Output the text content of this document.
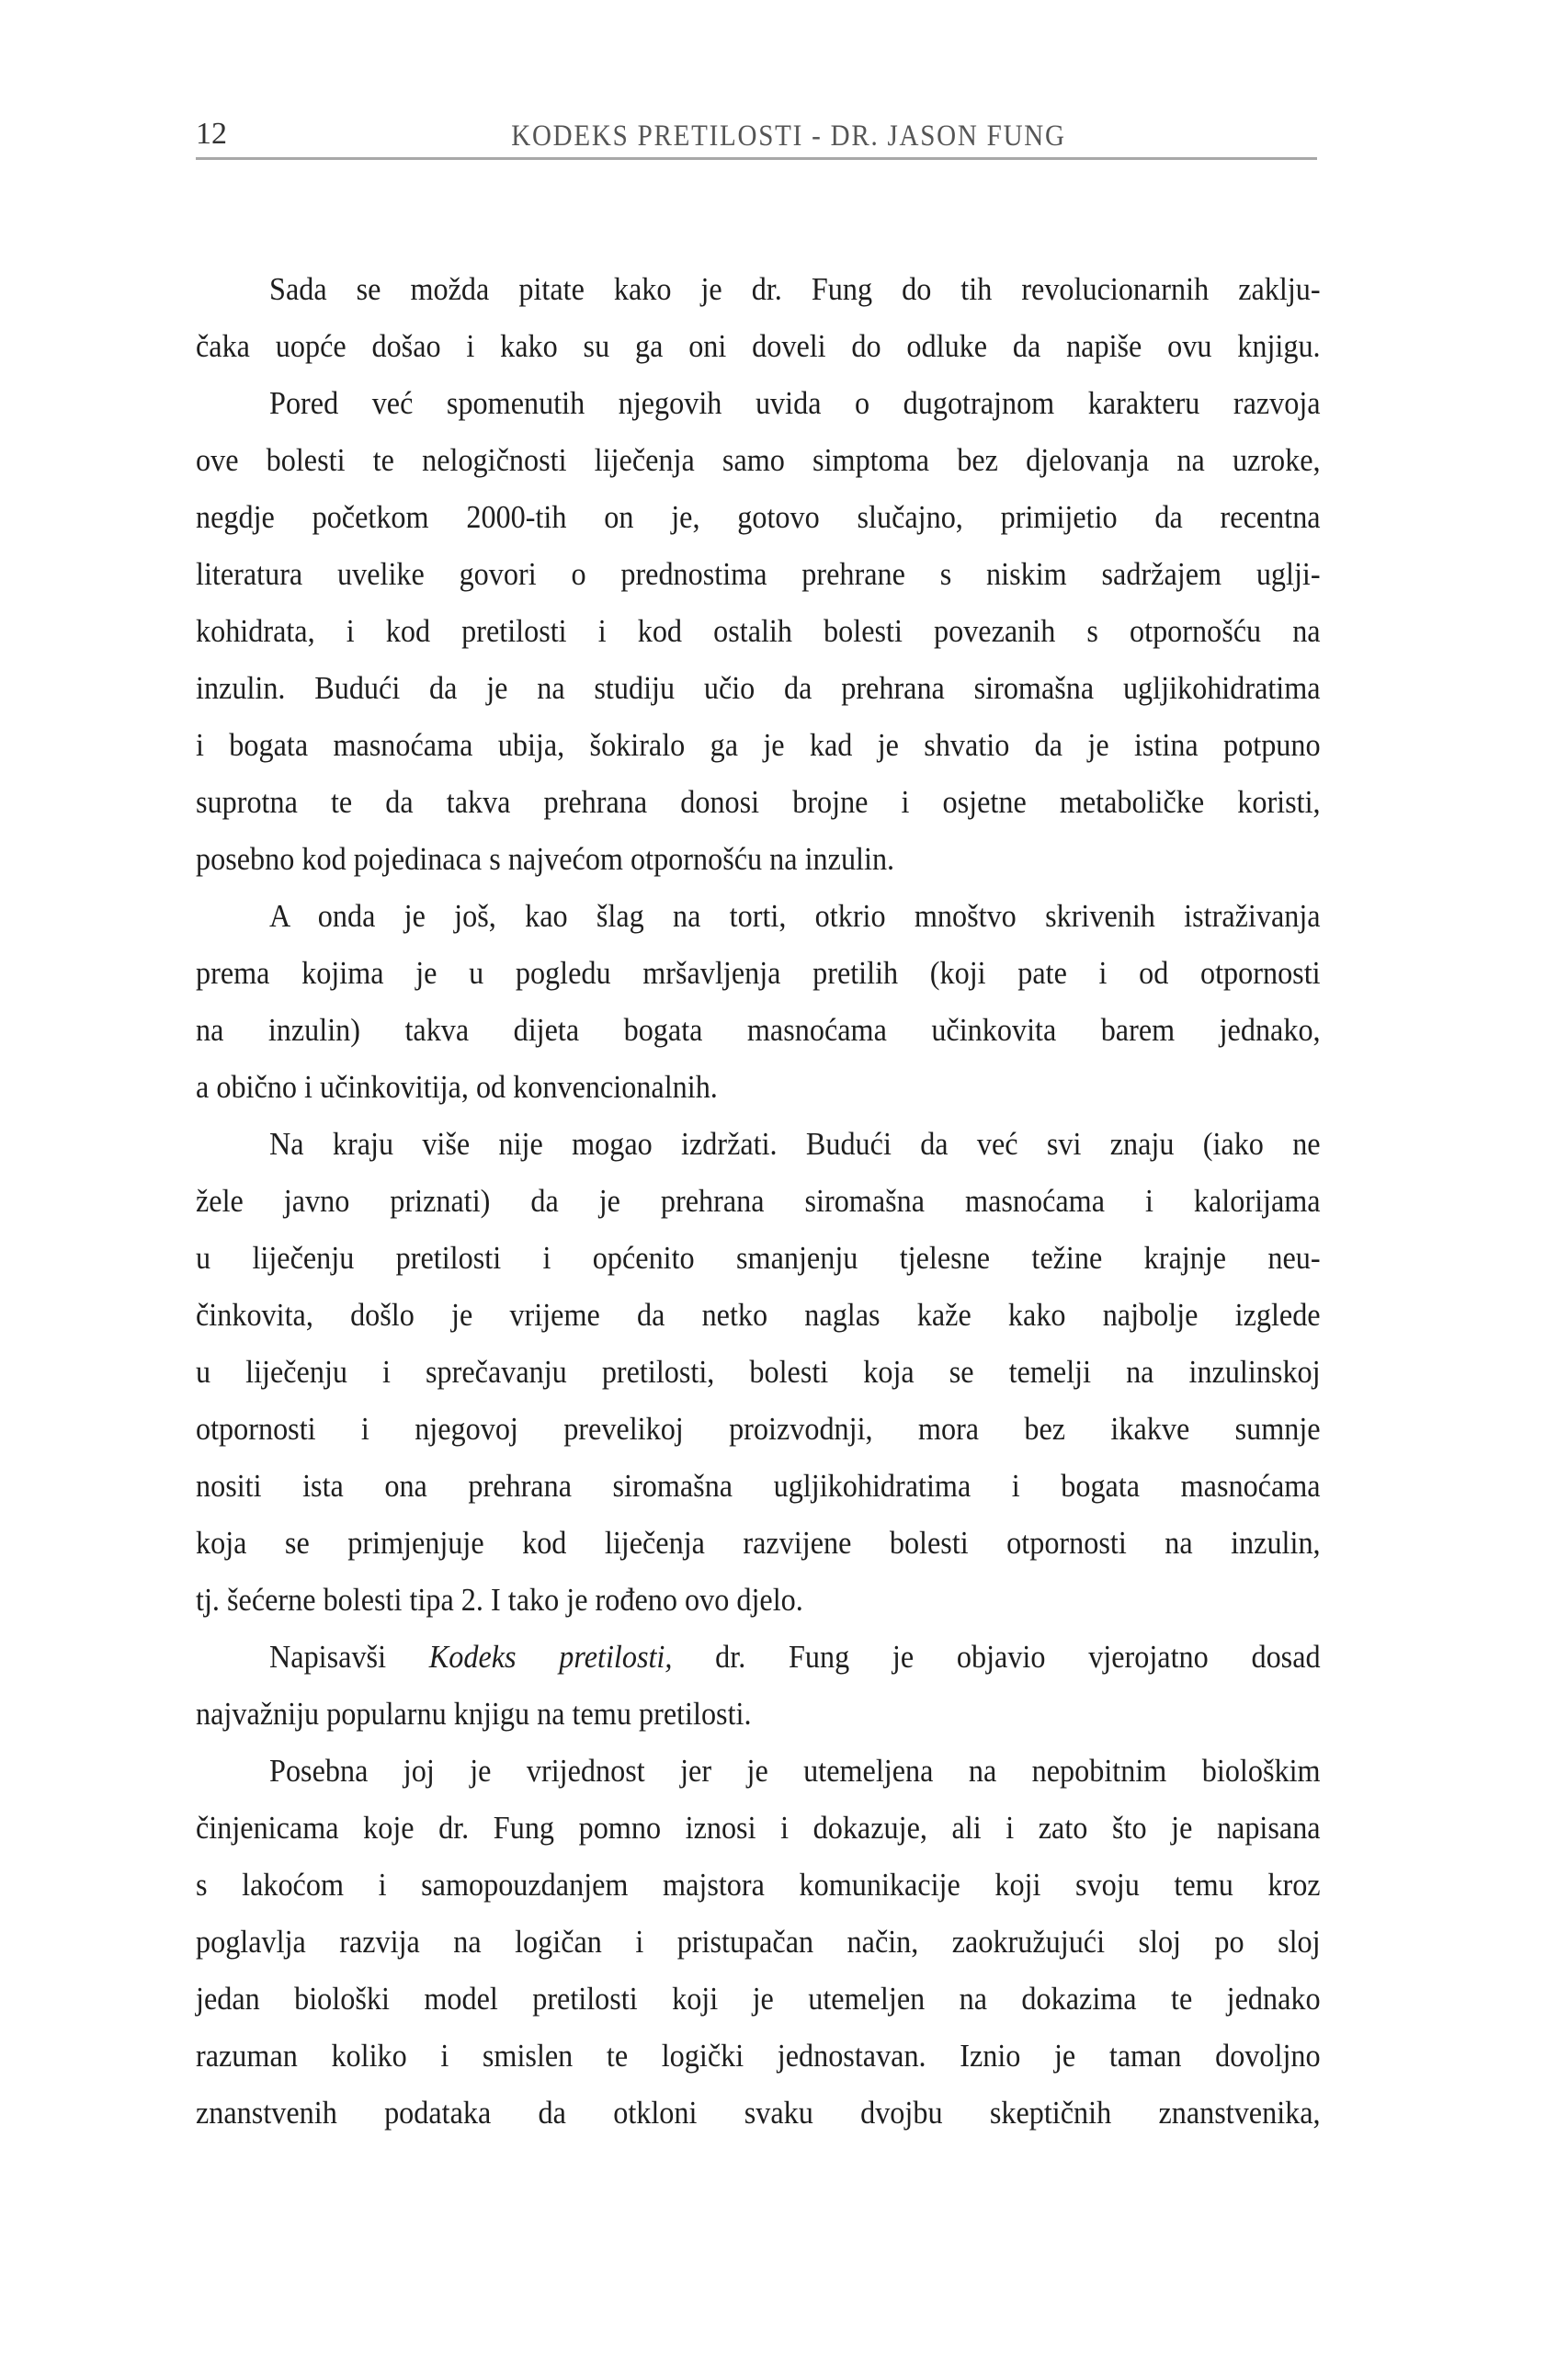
12	KODEKS PRETILOSTI - DR. JASON FUNG
Sada se možda pitate kako je dr. Fung do tih revolucionarnih zaklju-
čaka uopće došao i kako su ga oni doveli do odluke da napiše ovu knjigu.
Pored već spomenutih njegovih uvida o dugotrajnom karakteru razvoja
ove bolesti te nelogičnosti liječenja samo simptoma bez djelovanja na uzroke,
negdje početkom 2000-tih on je, gotovo slučajno, primijetio da recentna
literatura uvelike govori o prednostima prehrane s niskim sadržajem uglji-
kohidrata, i kod pretilosti i kod ostalih bolesti povezanih s otpornošću na
inzulin. Budući da je na studiju učio da prehrana siromašna ugljikohidratima
i bogata masnoćama ubija, šokiralo ga je kad je shvatio da je istina potpuno
suprotna te da takva prehrana donosi brojne i osjetne metaboličke koristi,
posebno kod pojedinaca s najvećom otpornošću na inzulin.
A onda je još, kao šlag na torti, otkrio mnoštvo skrivenih istraživanja
prema kojima je u pogledu mršavljenja pretilih (koji pate i od otpornosti
na inzulin) takva dijeta bogata masnoćama učinkovita barem jednako,
a obično i učinkovitija, od konvencionalnih.
Na kraju više nije mogao izdržati. Budući da već svi znaju (iako ne
žele javno priznati) da je prehrana siromašna masnoćama i kalorijama
u liječenju pretilosti i općenito smanjenju tjelesne težine krajnje neu-
činkovita, došlo je vrijeme da netko naglas kaže kako najbolje izglede
u liječenju i sprečavanju pretilosti, bolesti koja se temelji na inzulinskoj
otpornosti i njegovoj prevelikoj proizvodnji, mora bez ikakve sumnje
nositi ista ona prehrana siromašna ugljikohidratima i bogata masnoćama
koja se primjenjuje kod liječenja razvijene bolesti otpornosti na inzulin,
tj. šećerne bolesti tipa 2. I tako je rođeno ovo djelo.
Napisavši Kodeks pretilosti, dr. Fung je objavio vjerojatno dosad
najvažniju popularnu knjigu na temu pretilosti.
Posebna joj je vrijednost jer je utemeljena na nepobitnim biološkim
činjenicama koje dr. Fung pomno iznosi i dokazuje, ali i zato što je napisana
s lakoćom i samopouzdanjem majstora komunikacije koji svoju temu kroz
poglavlja razvija na logičan i pristupačan način, zaokružujući sloj po sloj
jedan biološki model pretilosti koji je utemeljen na dokazima te jednako
razuman koliko i smislen te logički jednostavan. Iznio je taman dovoljno
znanstvenih podataka da otkloni svaku dvojbu skeptičnih znanstvenika,
